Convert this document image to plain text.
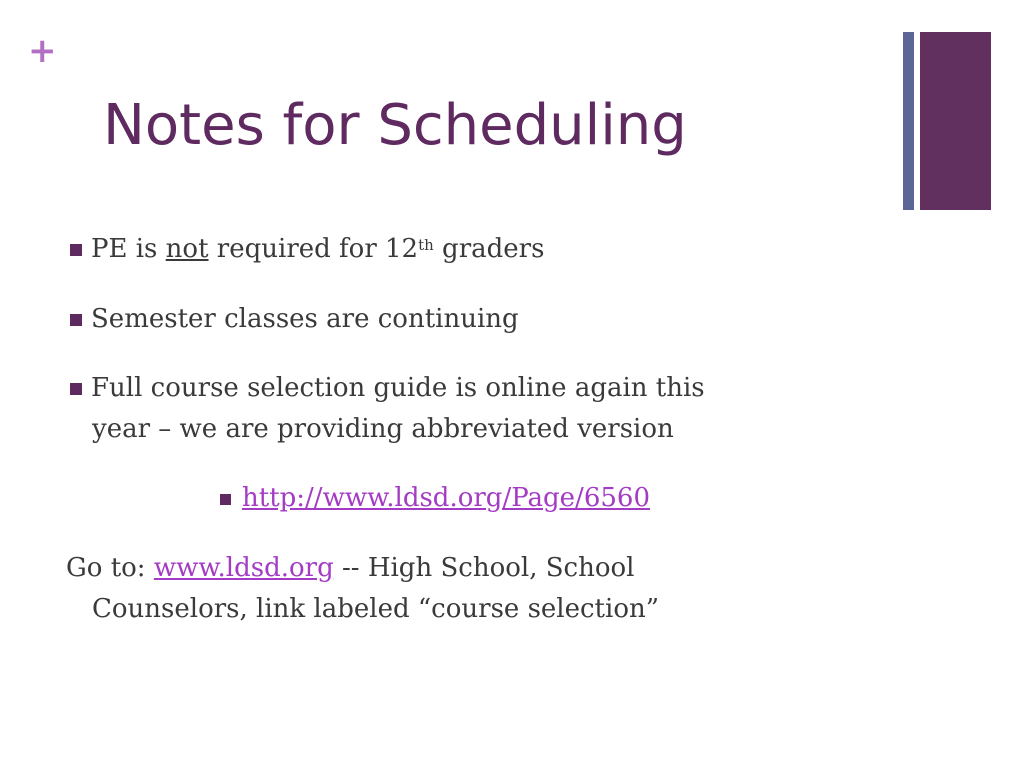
+
Notes for Scheduling
PE is not required for 12th graders
Semester classes are continuing
Full course selection guide is online again this
year – we are providing abbreviated version
http://www.ldsd.org/Page/6560
Go to: www.ldsd.org -- High School, School
Counselors, link labeled “course selection”
